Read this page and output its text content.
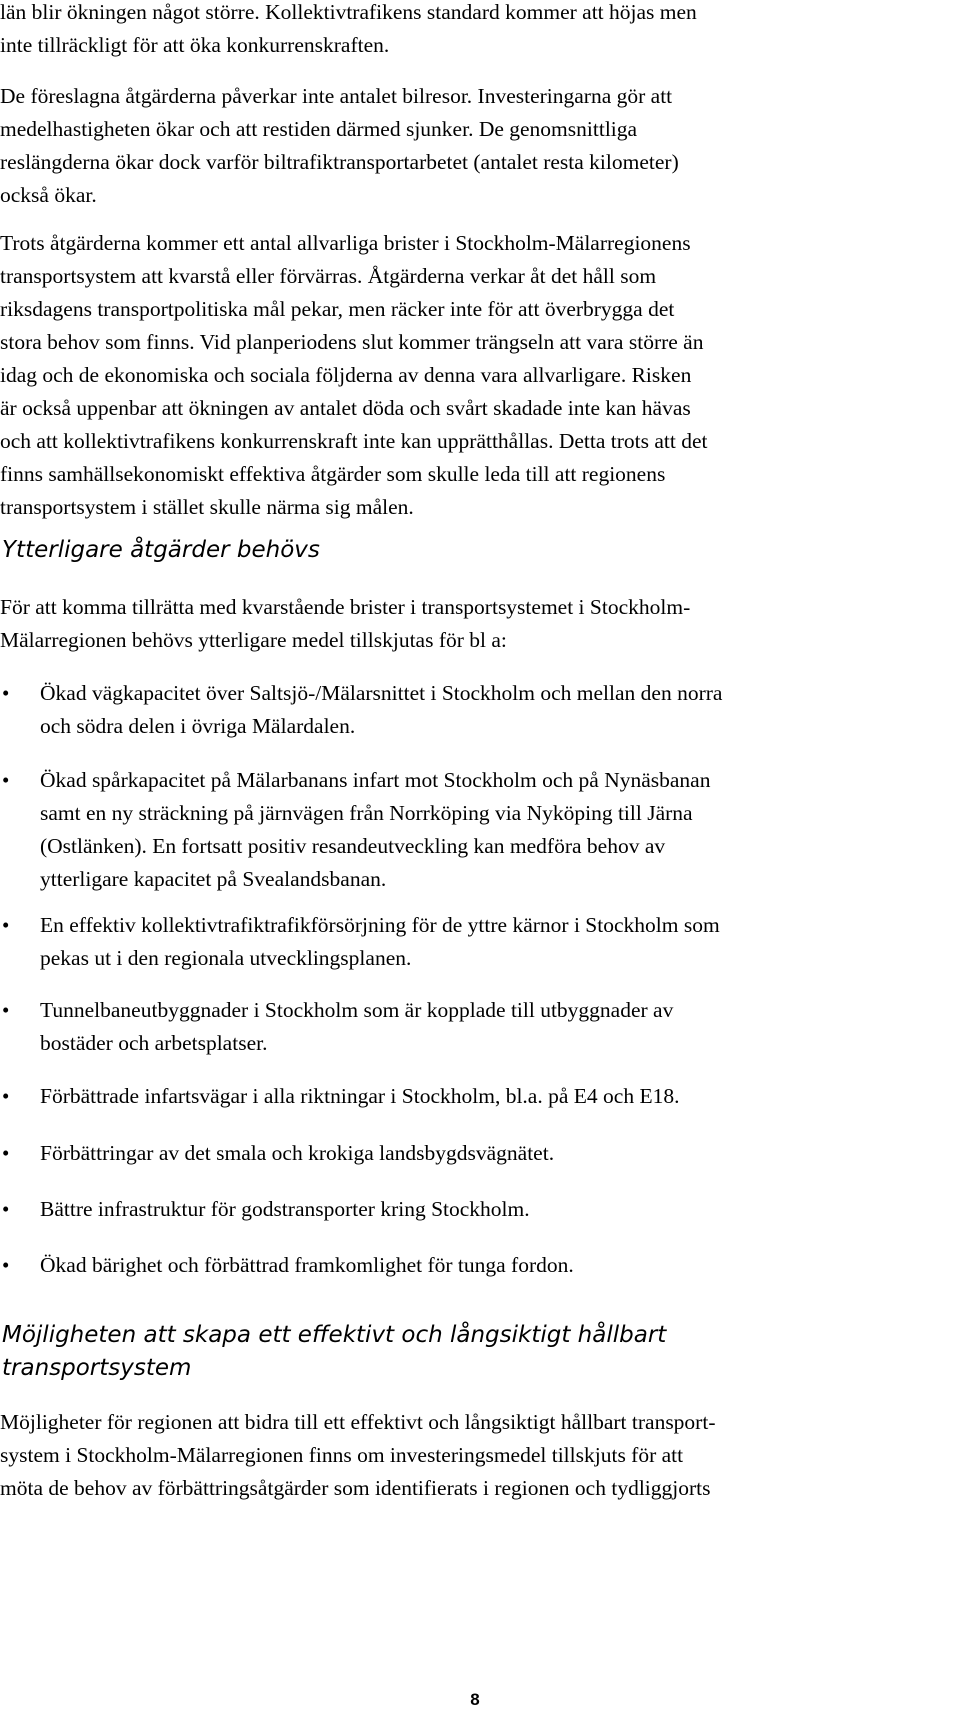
län blir ökningen något större. Kollektivtrafikens standard kommer att höjas men
inte tillräckligt för att öka konkurrenskraften.
De föreslagna åtgärderna påverkar inte antalet bilresor. Investeringarna gör att
medelhastigheten ökar och att restiden därmed sjunker. De genomsnittliga
reslängderna ökar dock varför biltrafiktransportarbetet (antalet resta kilometer)
också ökar.
Trots åtgärderna kommer ett antal allvarliga brister i Stockholm-Mälarregionens
transportsystem att kvarstå eller förvärras. Åtgärderna verkar åt det håll som
riksdagens transportpolitiska mål pekar, men räcker inte för att överbrygga det
stora behov som finns. Vid planperiodens slut kommer trängseln att vara större än
idag och de ekonomiska och sociala följderna av denna vara allvarligare. Risken
är också uppenbar att ökningen av antalet döda och svårt skadade inte kan hävas
och att kollektivtrafikens konkurrenskraft inte kan upprätthållas. Detta trots att det
finns samhällsekonomiskt effektiva åtgärder som skulle leda till att regionens
transportsystem i stället skulle närma sig målen.
Ytterligare åtgärder behövs
För att komma tillrätta med kvarstående brister i transportsystemet i Stockholm-
Mälarregionen behövs ytterligare medel tillskjutas för bl a:
• Ökad vägkapacitet över Saltsjö-/Mälarsnittet i Stockholm och mellan den norra
och södra delen i övriga Mälardalen.
• Ökad spårkapacitet på Mälarbanans infart mot Stockholm och på Nynäsbanan
samt en ny sträckning på järnvägen från Norrköping via Nyköping till Järna
(Ostlänken). En fortsatt positiv resandeutveckling kan medföra behov av
ytterligare kapacitet på Svealandsbanan.
• En effektiv kollektivtrafiktrafikförsörjning för de yttre kärnor i Stockholm som
pekas ut i den regionala utvecklingsplanen.
• Tunnelbaneutbyggnader i Stockholm som är kopplade till utbyggnader av
bostäder och arbetsplatser.
• Förbättrade infartsvägar i alla riktningar i Stockholm, bl.a. på E4 och E18.
• Förbättringar av det smala och krokiga landsbygdsvägnätet.
• Bättre infrastruktur för godstransporter kring Stockholm.
• Ökad bärighet och förbättrad framkomlighet för tunga fordon.
Möjligheten att skapa ett effektivt och långsiktigt hållbart
transportsystem
Möjligheter för regionen att bidra till ett effektivt och långsiktigt hållbart transport-
system i Stockholm-Mälarregionen finns om investeringsmedel tillskjuts för att
möta de behov av förbättringsåtgärder som identifierats i regionen och tydliggjorts
8
